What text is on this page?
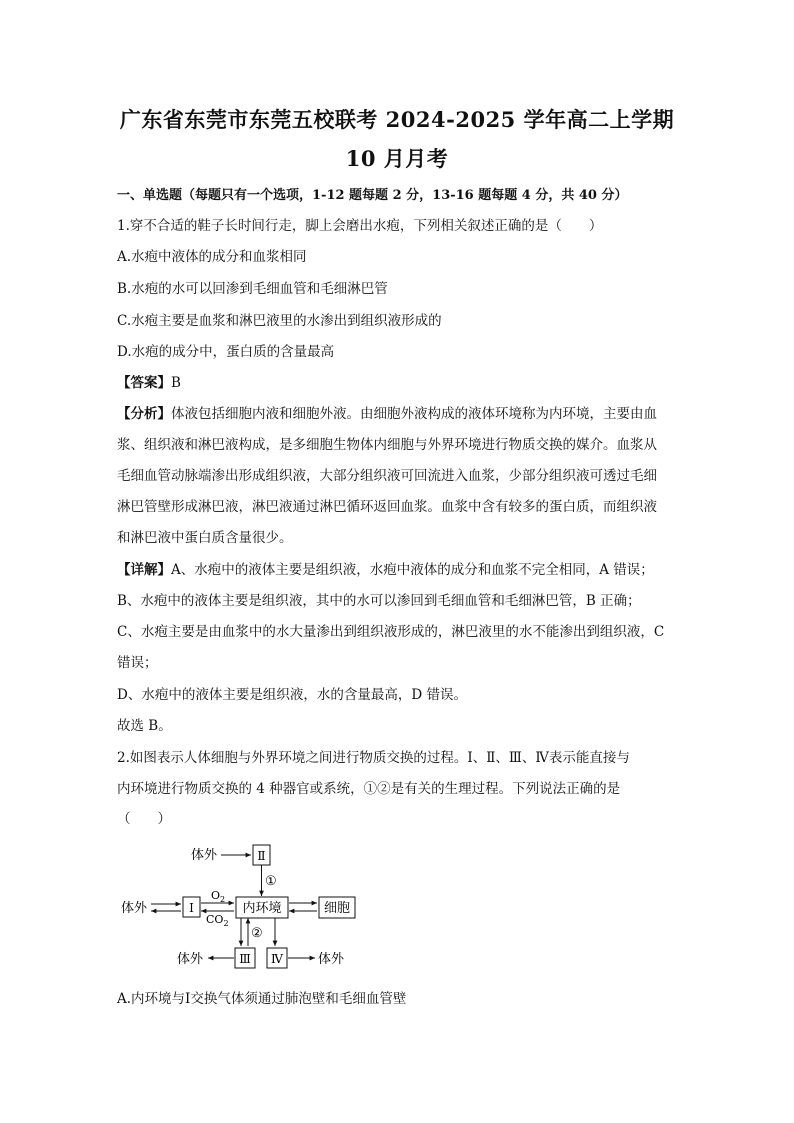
广东省东莞市东莞五校联考 2024-2025 学年高二上学期
10 月月考
一、单选题（每题只有一个选项，1-12 题每题 2 分，13-16 题每题 4 分，共 40 分）
1.穿不合适的鞋子长时间行走，脚上会磨出水疱，下列相关叙述正确的是（　　）
A.水疱中液体的成分和血浆相同
B.水疱的水可以回渗到毛细血管和毛细淋巴管
C.水疱主要是血浆和淋巴液里的水渗出到组织液形成的
D.水疱的成分中，蛋白质的含量最高
【答案】B
【分析】体液包括细胞内液和细胞外液。由细胞外液构成的液体环境称为内环境，主要由血
浆、组织液和淋巴液构成，是多细胞生物体内细胞与外界环境进行物质交换的媒介。血浆从
毛细血管动脉端渗出形成组织液，大部分组织液可回流进入血浆，少部分组织液可透过毛细
淋巴管壁形成淋巴液，淋巴液通过淋巴循环返回血浆。血浆中含有较多的蛋白质，而组织液
和淋巴液中蛋白质含量很少。
【详解】A、水疱中的液体主要是组织液，水疱中液体的成分和血浆不完全相同，A 错误；
B、水疱中的液体主要是组织液，其中的水可以渗回到毛细血管和毛细淋巴管，B 正确；
C、水疱主要是由血浆中的水大量渗出到组织液形成的，淋巴液里的水不能渗出到组织液，C
错误；
D、水疱中的液体主要是组织液，水的含量最高，D 错误。
故选 B。
2.如图表示人体细胞与外界环境之间进行物质交换的过程。Ⅰ、Ⅱ、Ⅲ、Ⅳ表示能直接与
内环境进行物质交换的 4 种器官或系统，①②是有关的生理过程。下列说法正确的是
（　　）
体外	Ⅱ
①
体外	Ⅰ
$O_2$
$CO_2$
内环境	细胞
②
Ⅲ
体外	Ⅳ	体外
A.内环境与Ⅰ交换气体须通过肺泡壁和毛细血管壁
